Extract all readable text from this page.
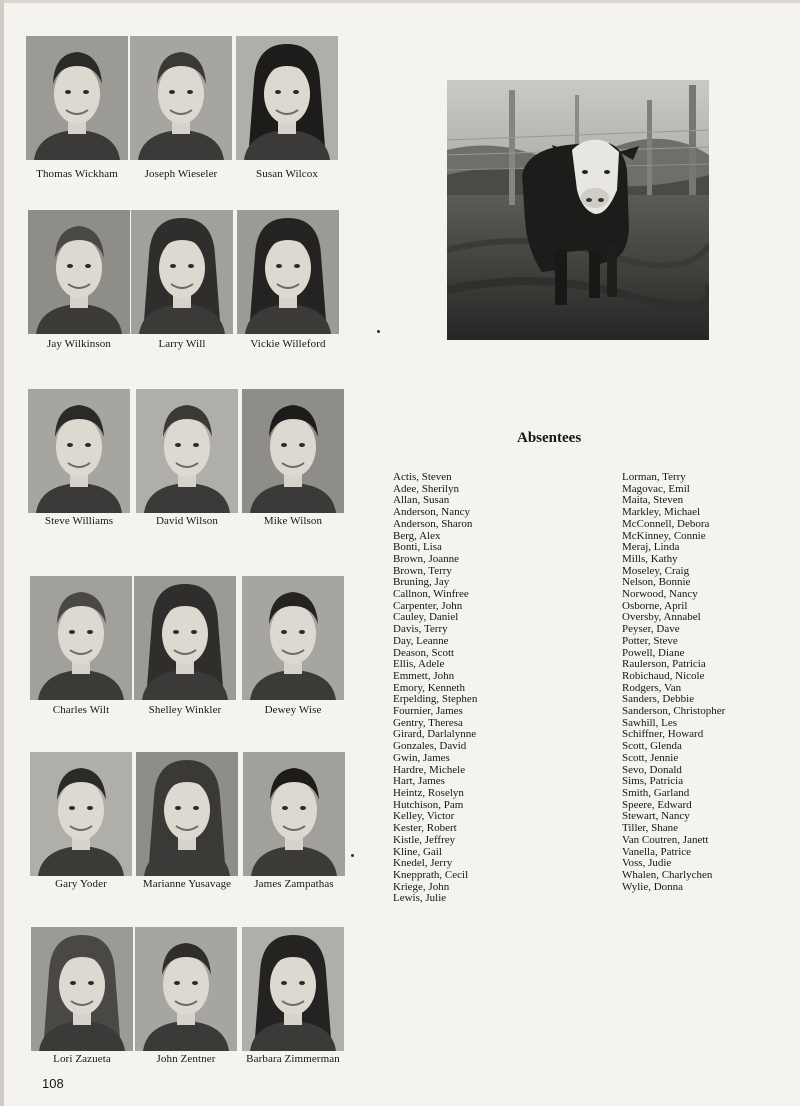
Thomas Wickham	Joseph Wieseler	Susan Wilcox
Jay Wilkinson	Larry Will	Vickie Willeford
Steve Williams	David Wilson	Mike Wilson
Charles Wilt	Shelley Winkler	Dewey Wise
Gary Yoder	Marianne Yusavage	James Zampathas
Lori Zazueta	John Zentner	Barbara Zimmerman
Absentees
Actis, Steven
Adee, Sherilyn
Allan, Susan
Anderson, Nancy
Anderson, Sharon
Berg, Alex
Bonti, Lisa
Brown, Joanne
Brown, Terry
Bruning, Jay
Callnon, Winfree
Carpenter, John
Cauley, Daniel
Davis, Terry
Day, Leanne
Deason, Scott
Ellis, Adele
Emmett, John
Emory, Kenneth
Erpelding, Stephen
Fournier, James
Gentry, Theresa
Girard, Darlalynne
Gonzales, David
Gwin, James
Hardre, Michele
Hart, James
Heintz, Roselyn
Hutchison, Pam
Kelley, Victor
Kester, Robert
Kistle, Jeffrey
Kline, Gail
Knedel, Jerry
Knepprath, Cecil
Kriege, John
Lewis, Julie
Lorman, Terry
Magovac, Emil
Maita, Steven
Markley, Michael
McConnell, Debora
McKinney, Connie
Meraj, Linda
Mills, Kathy
Moseley, Craig
Nelson, Bonnie
Norwood, Nancy
Osborne, April
Oversby, Annabel
Peyser, Dave
Potter, Steve
Powell, Diane
Raulerson, Patricia
Robichaud, Nicole
Rodgers, Van
Sanders, Debbie
Sanderson, Christopher
Sawhill, Les
Schiffner, Howard
Scott, Glenda
Scott, Jennie
Sevo, Donald
Sims, Patricia
Smith, Garland
Speere, Edward
Stewart, Nancy
Tiller, Shane
Van Coutren, Janett
Vanella, Patrice
Voss, Judie
Whalen, Charlychen
Wylie, Donna
108
